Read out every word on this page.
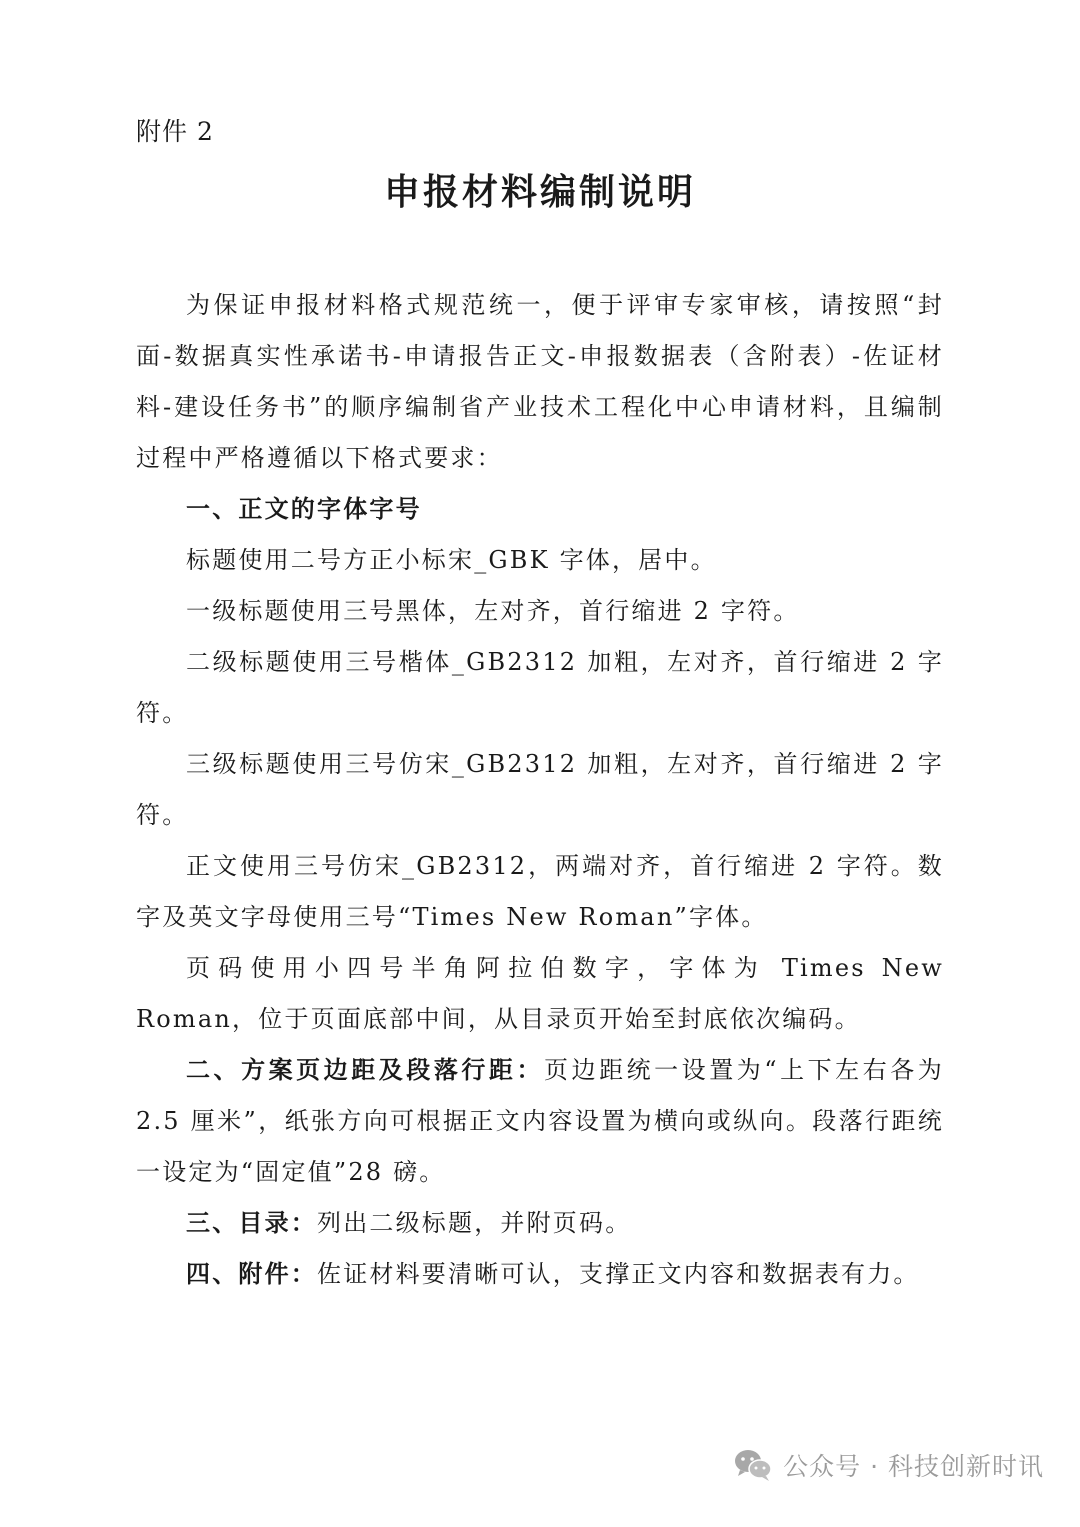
附件 2
申报材料编制说明

为保证申报材料格式规范统一，便于评审专家审核，请按照“封面-数据真实性承诺书-申请报告正文-申报数据表（含附表）-佐证材料-建设任务书”的顺序编制省产业技术工程化中心申请材料，且编制过程中严格遵循以下格式要求：

一、正文的字体字号

标题使用二号方正小标宋_GBK 字体，居中。

一级标题使用三号黑体，左对齐，首行缩进 2 字符。

二级标题使用三号楷体_GB2312 加粗，左对齐，首行缩进 2 字符。

三级标题使用三号仿宋_GB2312 加粗，左对齐，首行缩进 2 字符。

正文使用三号仿宋_GB2312，两端对齐，首行缩进 2 字符。数字及英文字母使用三号“Times New Roman”字体。

页码使用小四号半角阿拉伯数字，字体为 Times New Roman，位于页面底部中间，从目录页开始至封底依次编码。

二、方案页边距及段落行距：页边距统一设置为“上下左右各为 2.5 厘米”，纸张方向可根据正文内容设置为横向或纵向。段落行距统一设定为“固定值”28 磅。

三、目录：列出二级标题，并附页码。

四、附件：佐证材料要清晰可认，支撑正文内容和数据表有力。

公众号 · 科技创新时讯
